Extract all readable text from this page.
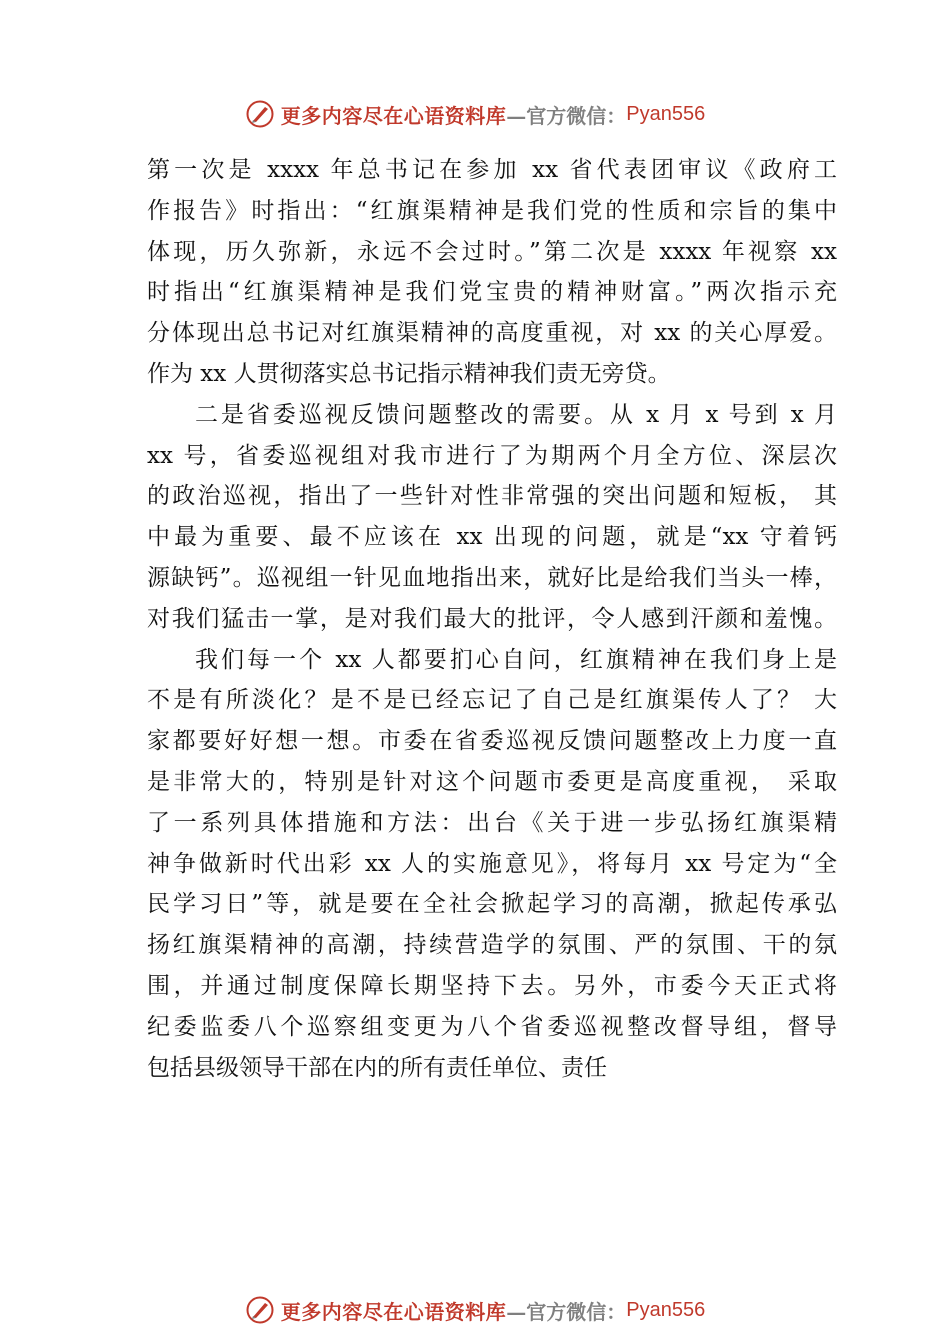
更多内容尽在心语资料库 —官方微信： Pyan556
第一次是 xxxx 年总书记在参加 xx 省代表团审议《政府工
作报告》时指出：“红旗渠精神是我们党的性质和宗旨的集中
体现，历久弥新，永远不会过时。”第二次是 xxxx 年视察 xx
时指出“红旗渠精神是我们党宝贵的精神财富。”两次指示充
分体现出总书记对红旗渠精神的高度重视，对 xx 的关心厚爱。
作为 xx 人贯彻落实总书记指示精神我们责无旁贷。
二是省委巡视反馈问题整改的需要。从 x 月 x 号到 x 月
xx 号，省委巡视组对我市进行了为期两个月全方位、深层次
的政治巡视，指出了一些针对性非常强的突出问题和短板， 其
中最为重要、最不应该在 xx 出现的问题，就是“xx 守着钙
源缺钙”。巡视组一针见血地指出来，就好比是给我们当头一棒，
对我们猛击一掌，是对我们最大的批评，令人感到汗颜和羞愧。
我们每一个 xx 人都要扪心自问，红旗精神在我们身上是
不是有所淡化？是不是已经忘记了自己是红旗渠传人了？ 大
家都要好好想一想。市委在省委巡视反馈问题整改上力度一直
是非常大的，特别是针对这个问题市委更是高度重视， 采取
了一系列具体措施和方法：出台《关于进一步弘扬红旗渠精
神争做新时代出彩 xx 人的实施意见》，将每月 xx 号定为“全
民学习日”等，就是要在全社会掀起学习的高潮，掀起传承弘
扬红旗渠精神的高潮，持续营造学的氛围、严的氛围、干的氛
围，并通过制度保障长期坚持下去。另外，市委今天正式将
纪委监委八个巡察组变更为八个省委巡视整改督导组，督导
包括县级领导干部在内的所有责任单位、责任
更多内容尽在心语资料库 —官方微信： Pyan556
